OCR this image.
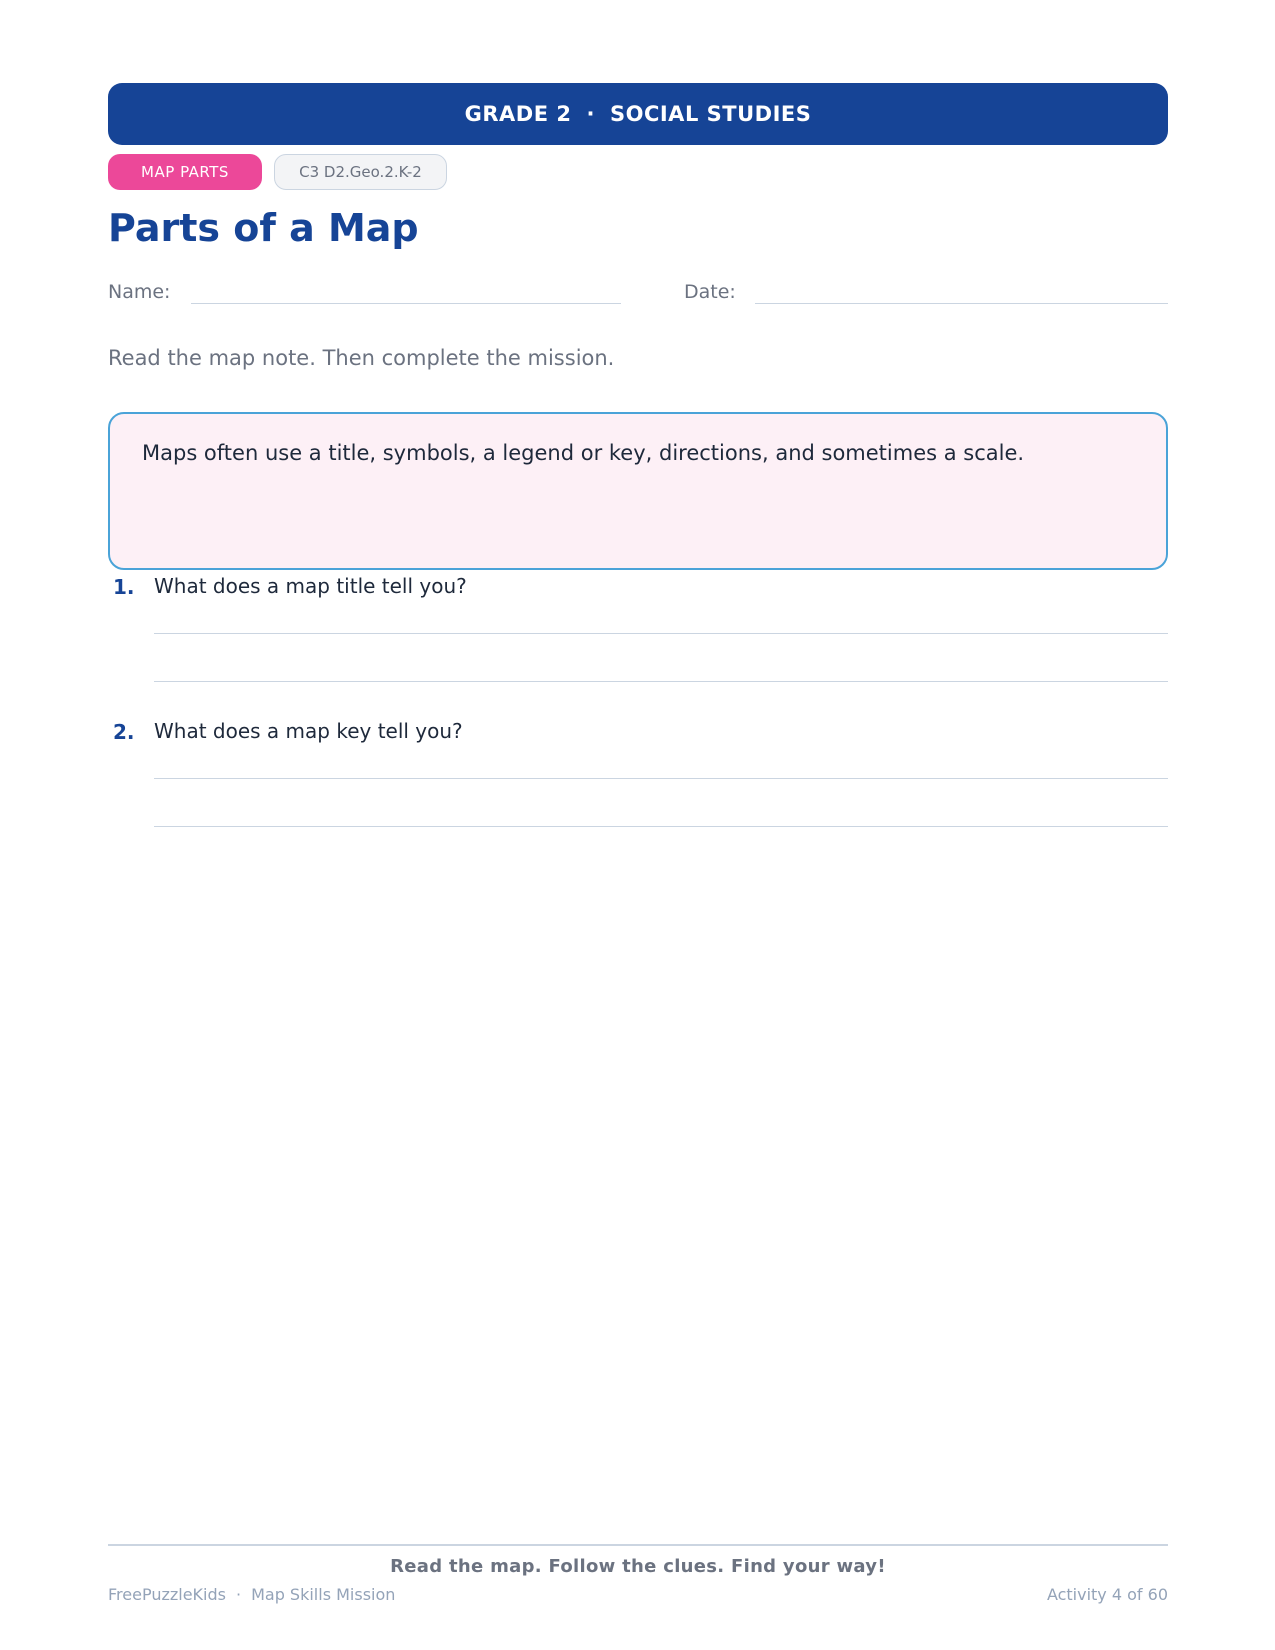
GRADE 2 · SOCIAL STUDIES
MAP PARTS	C3 D2.Geo.2.K-2
Parts of a Map
Name:	Date:
Read the map note. Then complete the mission.
Maps often use a title, symbols, a legend or key, directions, and sometimes a scale.
1. What does a map title tell you?
2. What does a map key tell you?
Read the map. Follow the clues. Find your way!
FreePuzzleKids · Map Skills Mission	Activity 4 of 60
